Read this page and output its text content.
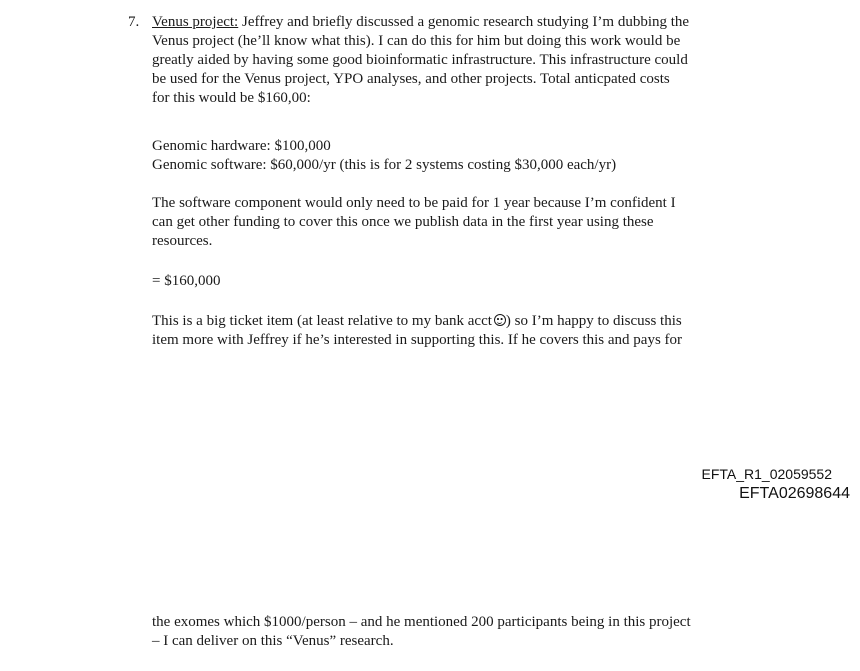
7. Venus project: Jeffrey and briefly discussed a genomic research studying I’m dubbing the
Venus project (he’ll know what this). I can do this for him but doing this work would be
greatly aided by having some good bioinformatic infrastructure. This infrastructure could
be used for the Venus project, YPO analyses, and other projects. Total anticpated costs
for this would be $160,00:
Genomic hardware: $100,000
Genomic software: $60,000/yr (this is for 2 systems costing $30,000 each/yr)
The software component would only need to be paid for 1 year because I’m confident I
can get other funding to cover this once we publish data in the first year using these
resources.
= $160,000
This is a big ticket item (at least relative to my bank acct ) so I’m happy to discuss this
item more with Jeffrey if he’s interested in supporting this. If he covers this and pays for
EFTA_R1_02059552
EFTA02698644
the exomes which $1000/person – and he mentioned 200 participants being in this project
– I can deliver on this “Venus” research.
